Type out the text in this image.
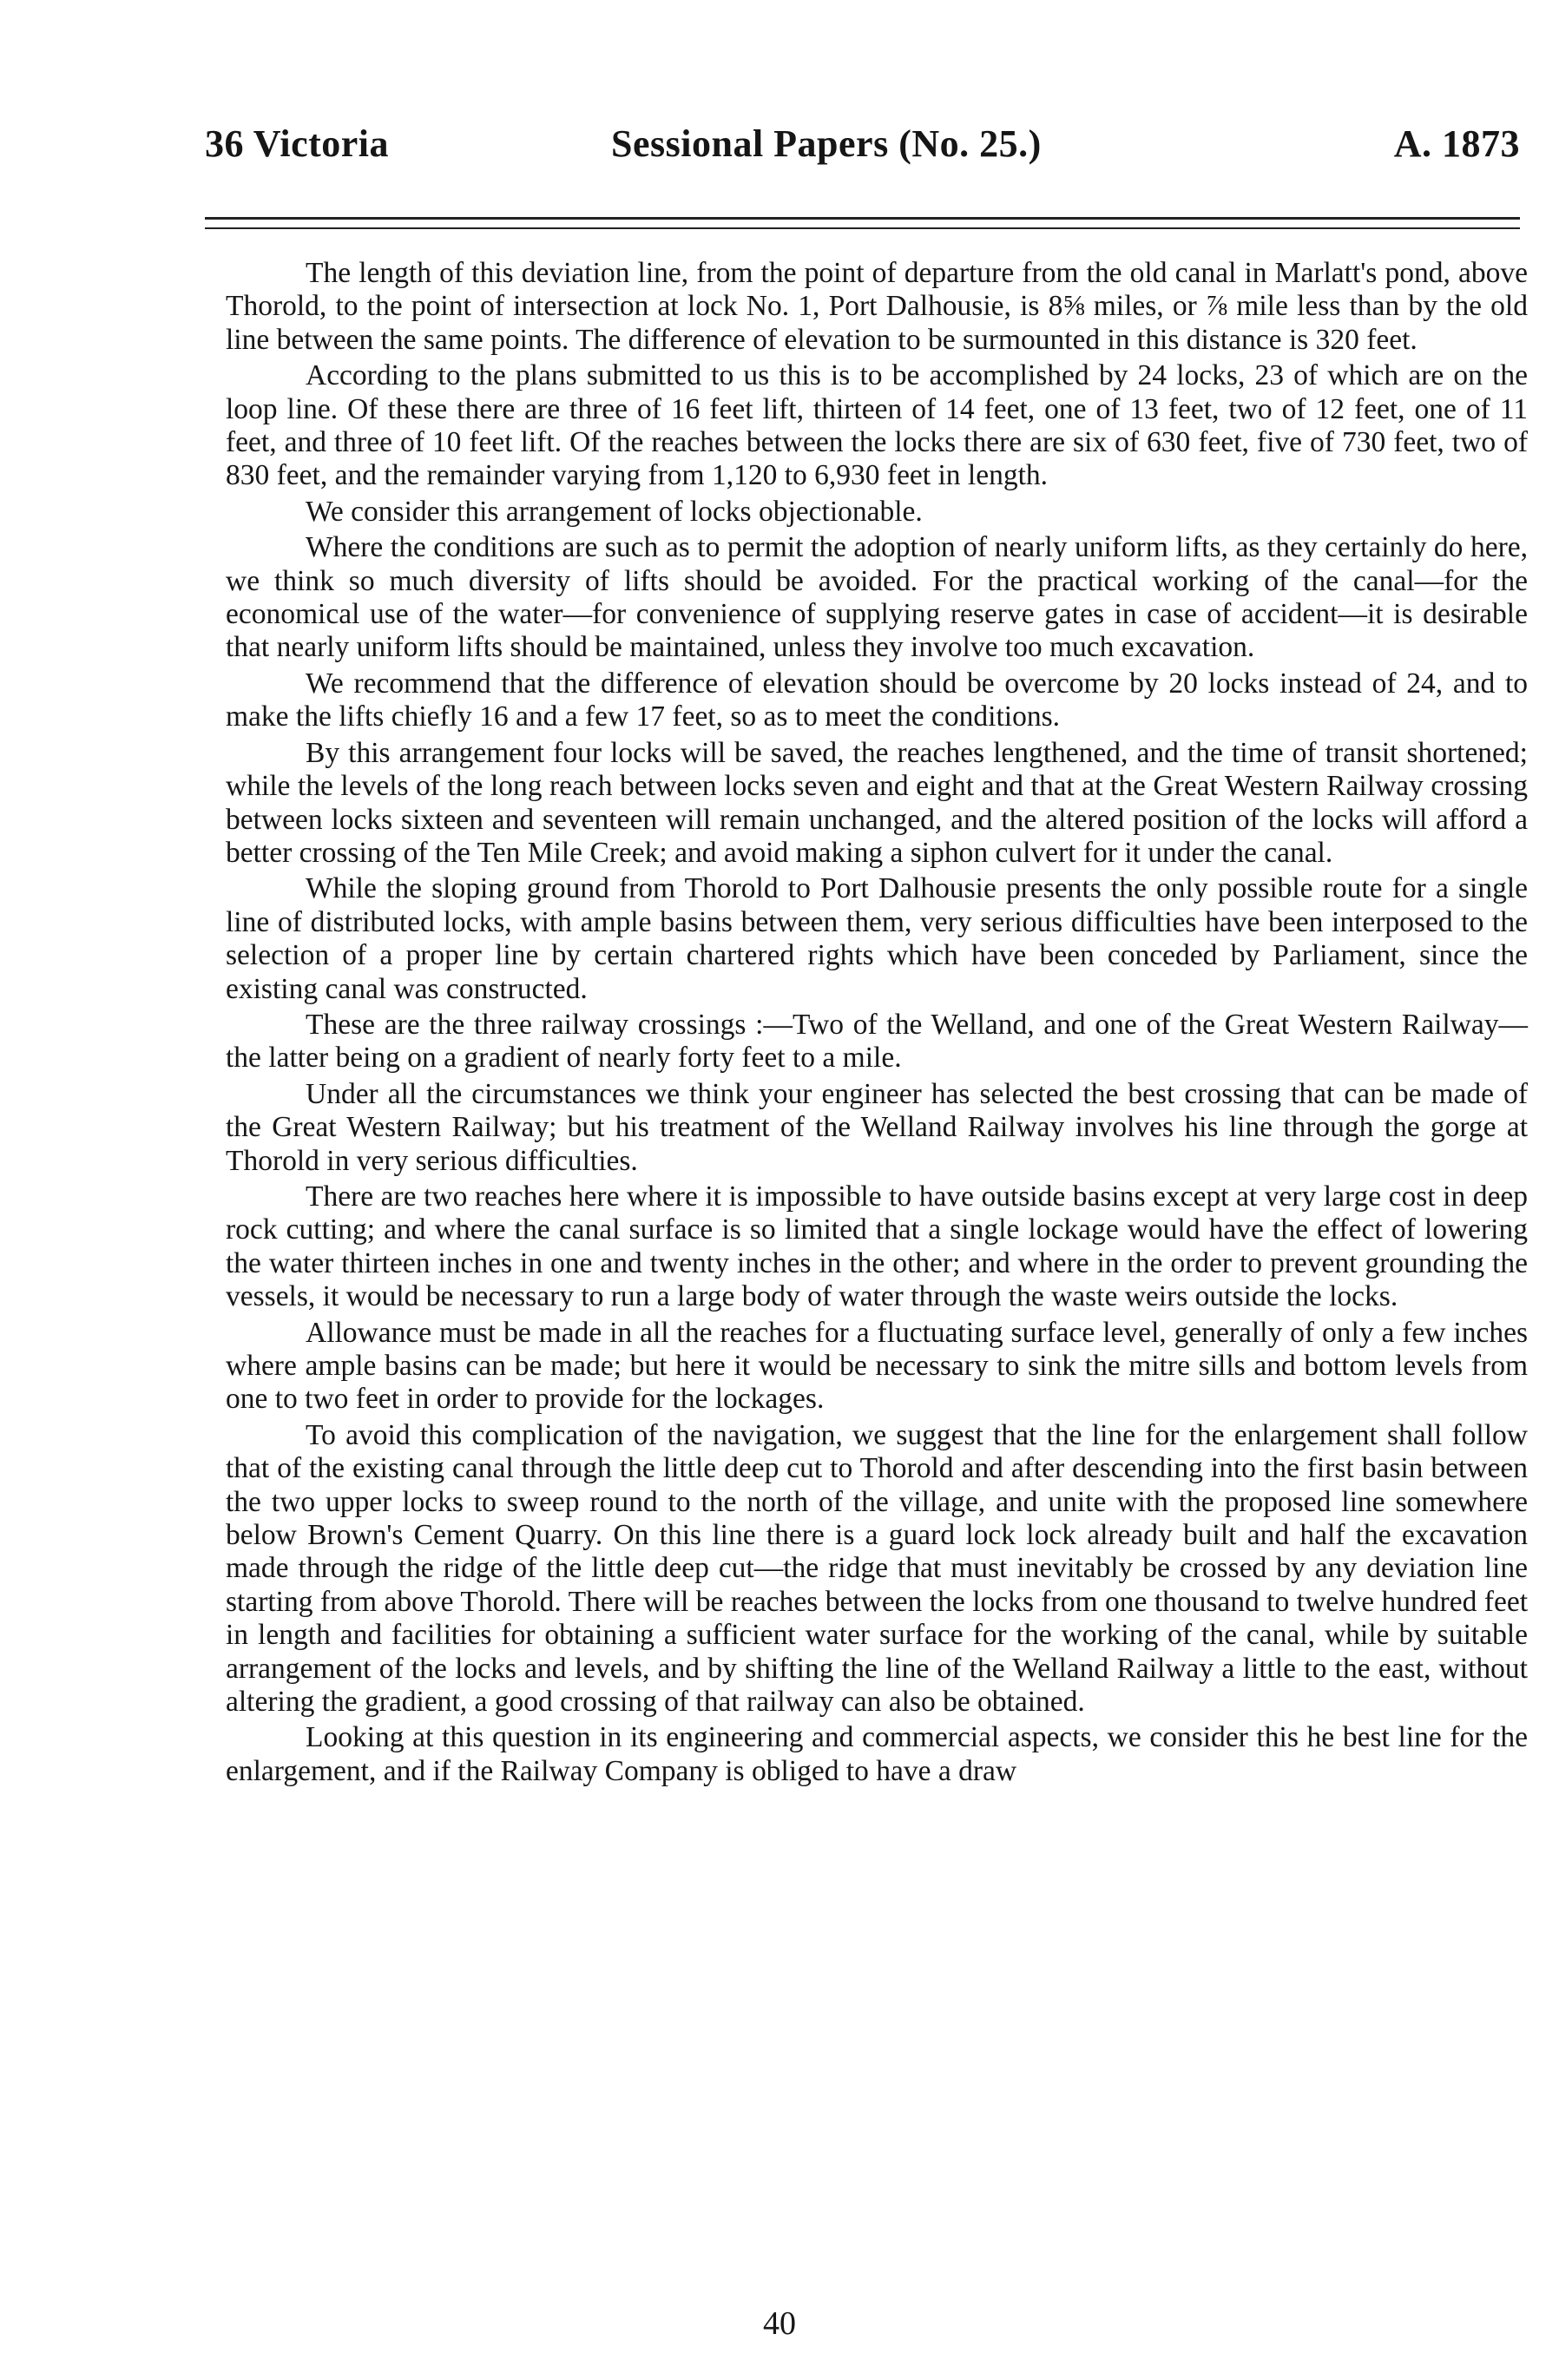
36 Victoria	Sessional Papers (No. 25.)	A. 1873

The length of this deviation line, from the point of departure from the old canal in Marlatt's pond, above Thorold, to the point of intersection at lock No. 1, Port Dalhousie, is 8⅝ miles, or ⅞ mile less than by the old line between the same points. The difference of elevation to be surmounted in this distance is 320 feet.

According to the plans submitted to us this is to be accomplished by 24 locks, 23 of which are on the loop line. Of these there are three of 16 feet lift, thirteen of 14 feet, one of 13 feet, two of 12 feet, one of 11 feet, and three of 10 feet lift. Of the reaches between the locks there are six of 630 feet, five of 730 feet, two of 830 feet, and the remainder varying from 1,120 to 6,930 feet in length.

We consider this arrangement of locks objectionable.

Where the conditions are such as to permit the adoption of nearly uniform lifts, as they certainly do here, we think so much diversity of lifts should be avoided. For the practical working of the canal—for the economical use of the water—for convenience of supplying reserve gates in case of accident—it is desirable that nearly uniform lifts should be maintained, unless they involve too much excavation.

We recommend that the difference of elevation should be overcome by 20 locks instead of 24, and to make the lifts chiefly 16 and a few 17 feet, so as to meet the conditions.

By this arrangement four locks will be saved, the reaches lengthened, and the time of transit shortened; while the levels of the long reach between locks seven and eight and that at the Great Western Railway crossing between locks sixteen and seventeen will remain unchanged, and the altered position of the locks will afford a better crossing of the Ten Mile Creek; and avoid making a siphon culvert for it under the canal.

While the sloping ground from Thorold to Port Dalhousie presents the only possible route for a single line of distributed locks, with ample basins between them, very serious difficulties have been interposed to the selection of a proper line by certain chartered rights which have been conceded by Parliament, since the existing canal was constructed.

These are the three railway crossings :—Two of the Welland, and one of the Great Western Railway—the latter being on a gradient of nearly forty feet to a mile.

Under all the circumstances we think your engineer has selected the best crossing that can be made of the Great Western Railway; but his treatment of the Welland Railway involves his line through the gorge at Thorold in very serious difficulties.

There are two reaches here where it is impossible to have outside basins except at very large cost in deep rock cutting; and where the canal surface is so limited that a single lockage would have the effect of lowering the water thirteen inches in one and twenty inches in the other; and where in the order to prevent grounding the vessels, it would be necessary to run a large body of water through the waste weirs outside the locks.

Allowance must be made in all the reaches for a fluctuating surface level, generally of only a few inches where ample basins can be made; but here it would be necessary to sink the mitre sills and bottom levels from one to two feet in order to provide for the lockages.

To avoid this complication of the navigation, we suggest that the line for the enlargement shall follow that of the existing canal through the little deep cut to Thorold and after descending into the first basin between the two upper locks to sweep round to the north of the village, and unite with the proposed line somewhere below Brown's Cement Quarry. On this line there is a guard lock lock already built and half the excavation made through the ridge of the little deep cut—the ridge that must inevitably be crossed by any deviation line starting from above Thorold. There will be reaches between the locks from one thousand to twelve hundred feet in length and facilities for obtaining a sufficient water surface for the working of the canal, while by suitable arrangement of the locks and levels, and by shifting the line of the Welland Railway a little to the east, without altering the gradient, a good crossing of that railway can also be obtained.

Looking at this question in its engineering and commercial aspects, we consider this he best line for the enlargement, and if the Railway Company is obliged to have a draw

40
